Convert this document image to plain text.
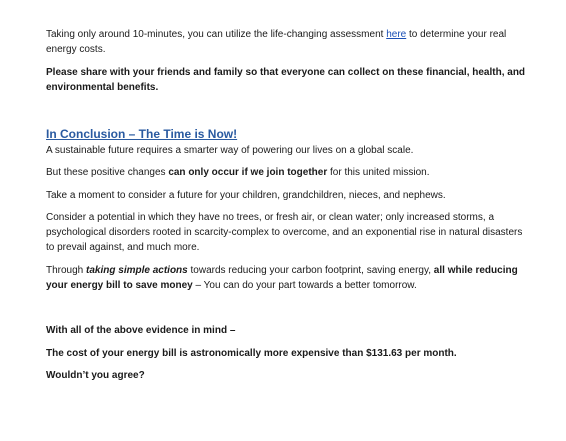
Taking only around 10-minutes, you can utilize the life-changing assessment here to determine your real energy costs.

Please share with your friends and family so that everyone can collect on these financial, health, and environmental benefits.

In Conclusion – The Time is Now!

A sustainable future requires a smarter way of powering our lives on a global scale.

But these positive changes can only occur if we join together for this united mission.

Take a moment to consider a future for your children, grandchildren, nieces, and nephews.

Consider a potential in which they have no trees, or fresh air, or clean water; only increased storms, a psychological disorders rooted in scarcity-complex to overcome, and an exponential rise in natural disasters to prevail against, and much more.

Through taking simple actions towards reducing your carbon footprint, saving energy, all while reducing your energy bill to save money – You can do your part towards a better tomorrow.

With all of the above evidence in mind –

The cost of your energy bill is astronomically more expensive than $131.63 per month.

Wouldn’t you agree?
